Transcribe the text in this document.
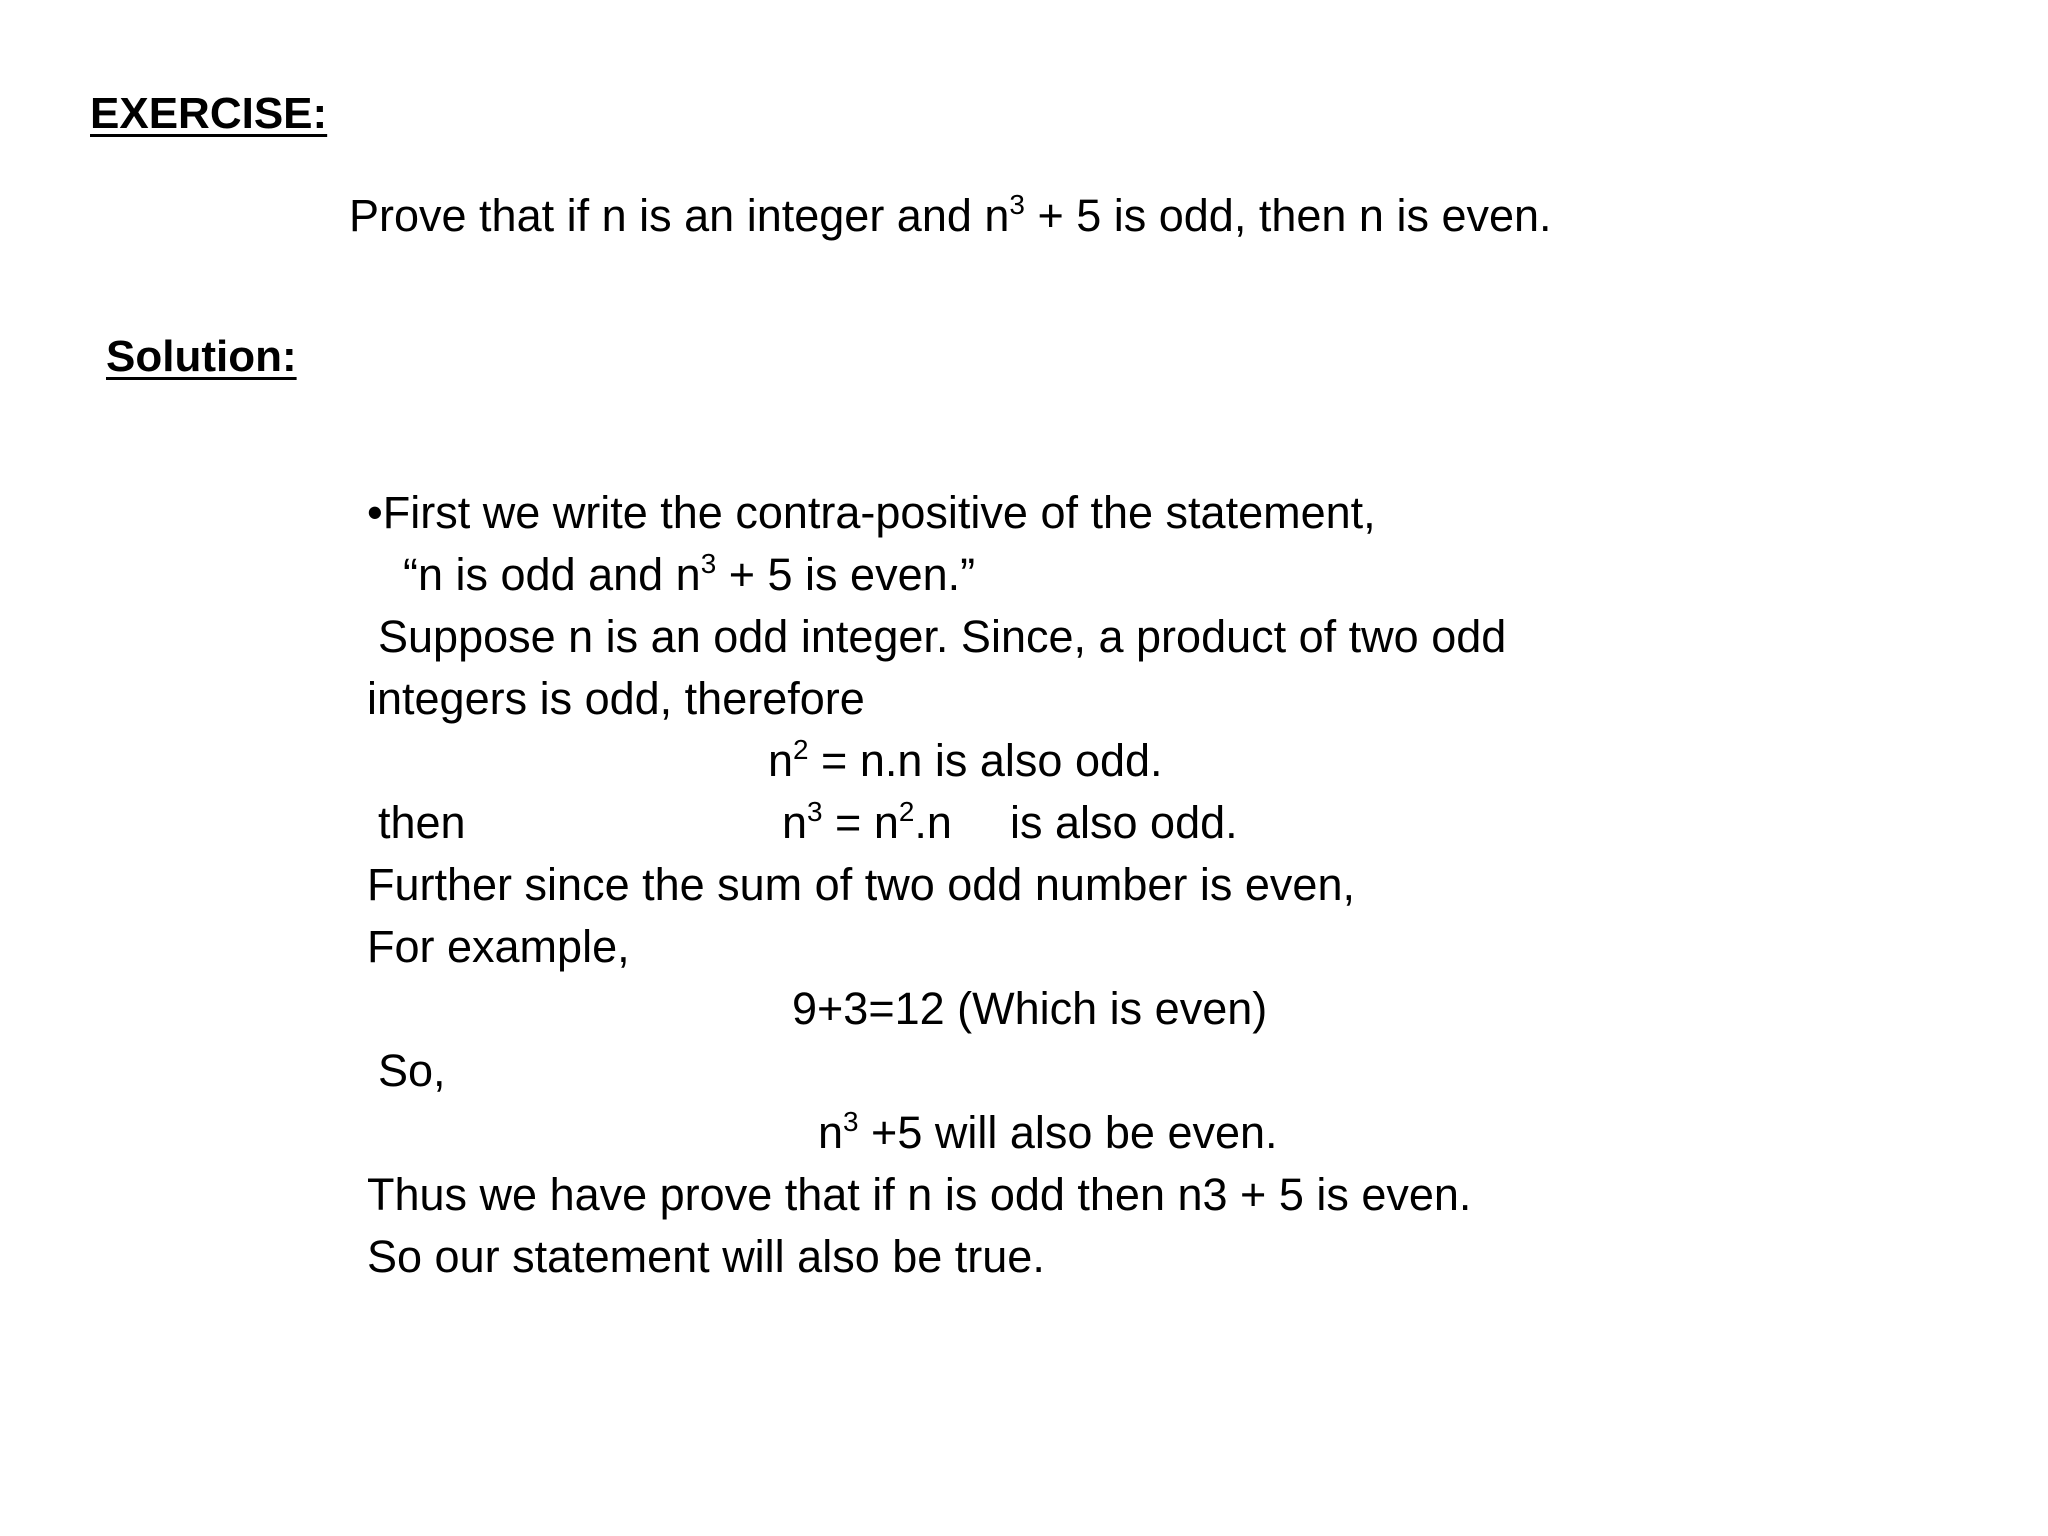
EXERCISE:
Prove that if n is an integer and $n^3 + 5$ is odd, then n is even.
Solution:
•First we write the contra-positive of the statement,
“n is odd and $n^3 + 5$ is even.”
Suppose n is an odd integer. Since, a product of two odd
integers is odd, therefore
$n^2 = n.n$ is also odd.
then	$n^3 = n^2.n$ is also odd.
Further since the sum of two odd number is even,
For example,
9+3=12 (Which is even)
So,
$n^3 +5$ will also be even.
Thus we have prove that if n is odd then n3 + 5 is even.
So our statement will also be true.
